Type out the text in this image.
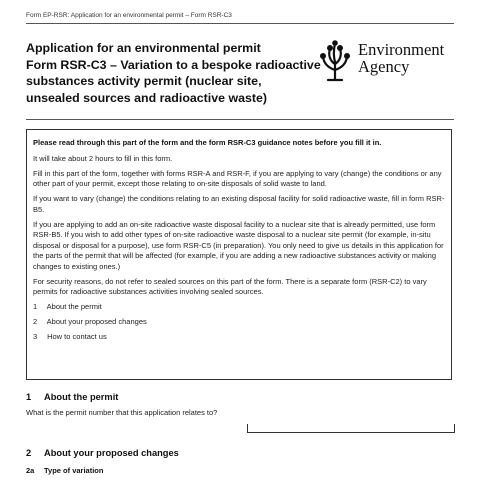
Form EP-RSR: Application for an environmental permit – Form RSR-C3
Application for an environmental permit
Form RSR-C3 – Variation to a bespoke radioactive
substances activity permit (nuclear site,
unsealed sources and radioactive waste)
Environment
Agency

Please read through this part of the form and the form RSR-C3 guidance notes before you fill it in.

It will take about 2 hours to fill in this form.

Fill in this part of the form, together with forms RSR-A and RSR-F, if you are applying to vary (change) the conditions or any other part of your permit, except those relating to on-site disposals of solid waste to land.

If you want to vary (change) the conditions relating to an existing disposal facility for solid radioactive waste, fill in form RSR-B5.

If you are applying to add an on-site radioactive waste disposal facility to a nuclear site that is already permitted, use form RSR-B5. If you wish to add other types of on-site radioactive waste disposal to a nuclear site permit (for example, in-situ disposal or disposal for a purpose), use form RSR-C5 (in preparation). You only need to give us details in this application for the parts of the permit that will be affected (for example, if you are adding a new radioactive substances activity or making changes to existing ones.)

For security reasons, do not refer to sealed sources on this part of the form. There is a separate form (RSR-C2) to vary permits for radioactive substances activities involving sealed sources.

1 About the permit
2 About your proposed changes
3 How to contact us
1 About the permit
What is the permit number that this application relates to?
2 About your proposed changes
2a Type of variation
